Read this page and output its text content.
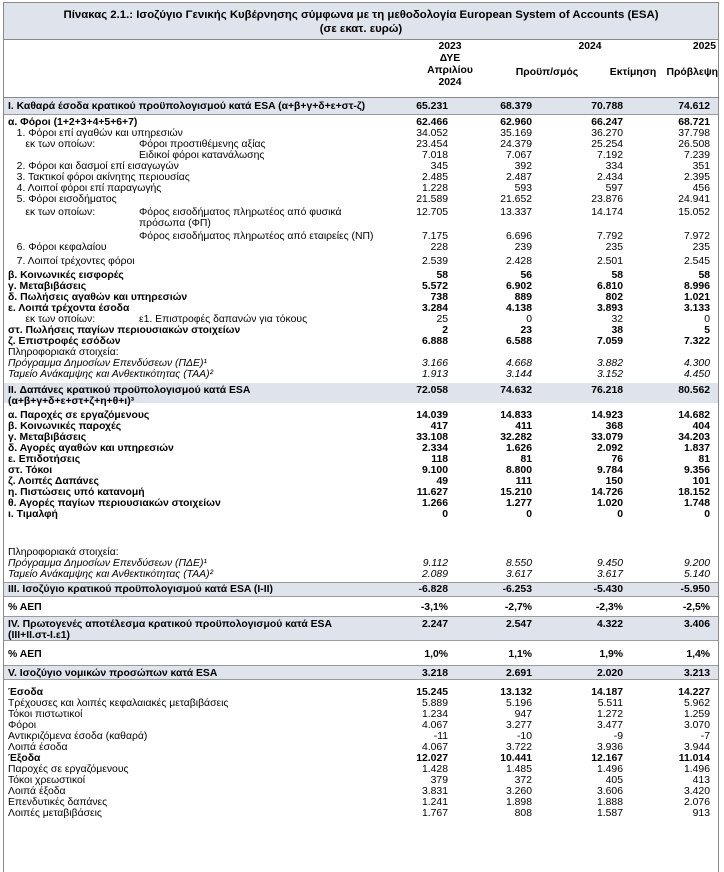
Πίνακας 2.1.: Ισοζύγιο Γενικής Κυβέρνησης σύμφωνα με τη μεθοδολογία European System of Accounts (ESA)
(σε εκατ. ευρώ)
2023
ΔΥΕ
Απριλίου
2024
2024
Προϋπ/σμός	Εκτίμηση
2025
Πρόβλεψη
I. Καθαρά έσοδα κρατικού προϋπολογισμού κατά ESA (α+β+γ+δ+ε+στ-ζ)	65.231	68.379	70.788	74.612
α. Φόροι (1+2+3+4+5+6+7)	62.466	62.960	66.247	68.721
1. Φόροι επί αγαθών και υπηρεσιών	34.052	35.169	36.270	37.798
εκ των οποίων:	Φόροι προστιθέμενης αξίας	23.454	24.379	25.254	26.508
Ειδικοί φόροι κατανάλωσης	7.018	7.067	7.192	7.239
2. Φόροι και δασμοί επί εισαγωγών	345	392	334	351
3. Τακτικοί φόροι ακίνητης περιουσίας	2.485	2.487	2.434	2.395
4. Λοιποί φόροι επί παραγωγής	1.228	593	597	456
5. Φόροι εισοδήματος	21.589	21.652	23.876	24.941
εκ των οποίων:	Φόρος εισοδήματος πληρωτέος από φυσικά	12.705	13.337	14.174	15.052
πρόσωπα (ΦΠ)
Φόρος εισοδήματος πληρωτέος από εταιρείες (ΝΠ)	7.175	6.696	7.792	7.972
6. Φόροι κεφαλαίου	228	239	235	235
7. Λοιποί τρέχοντες φόροι	2.539	2.428	2.501	2.545
β. Κοινωνικές εισφορές	58	56	58	58
γ. Μεταβιβάσεις	5.572	6.902	6.810	8.996
δ. Πωλήσεις αγαθών και υπηρεσιών	738	889	802	1.021
ε. Λοιπά τρέχοντα έσοδα	3.284	4.138	3.893	3.133
εκ των οποίων:	ε1. Επιστροφές δαπανών για τόκους	25	0	32	0
στ. Πωλήσεις παγίων περιουσιακών στοιχείων	2	23	38	5
ζ. Επιστροφές εσόδων	6.888	6.588	7.059	7.322
Πληροφοριακά στοιχεία:
Πρόγραμμα Δημοσίων Επενδύσεων (ΠΔΕ)¹	3.166	4.668	3.882	4.300
Ταμείο Ανάκαμψης και Ανθεκτικότητας (ΤΑΑ)²	1.913	3.144	3.152	4.450
II. Δαπάνες κρατικού προϋπολογισμού κατά ESA	72.058	74.632	76.218	80.562
(α+β+γ+δ+ε+στ+ζ+η+θ+ι)³
α. Παροχές σε εργαζόμενους	14.039	14.833	14.923	14.682
β. Κοινωνικές παροχές	417	411	368	404
γ. Μεταβιβάσεις	33.108	32.282	33.079	34.203
δ. Αγορές αγαθών και υπηρεσιών	2.334	1.626	2.092	1.837
ε. Επιδοτήσεις	118	81	76	81
στ. Τόκοι	9.100	8.800	9.784	9.356
ζ. Λοιπές Δαπάνες	49	111	150	101
η. Πιστώσεις υπό κατανομή	11.627	15.210	14.726	18.152
θ. Αγορές παγίων περιουσιακών στοιχείων	1.266	1.277	1.020	1.748
ι. Τιμαλφή	0	0	0	0
Πληροφοριακά στοιχεία:
Πρόγραμμα Δημοσίων Επενδύσεων (ΠΔΕ)¹	9.112	8.550	9.450	9.200
Ταμείο Ανάκαμψης και Ανθεκτικότητας (ΤΑΑ)²	2.089	3.617	3.617	5.140
III. Ισοζύγιο κρατικού προϋπολογισμού κατά ESA (I-II)	-6.828	-6.253	-5.430	-5.950
% ΑΕΠ	-3,1%	-2,7%	-2,3%	-2,5%
IV. Πρωτογενές αποτέλεσμα κρατικού προϋπολογισμού κατά ESA	2.247	2.547	4.322	3.406
(III+II.στ-I.ε1)
% ΑΕΠ	1,0%	1,1%	1,9%	1,4%
V. Ισοζύγιο νομικών προσώπων κατά ESA	3.218	2.691	2.020	3.213
Έσοδα	15.245	13.132	14.187	14.227
Τρέχουσες και λοιπές κεφαλαιακές μεταβιβάσεις	5.889	5.196	5.511	5.962
Τόκοι πιστωτικοί	1.234	947	1.272	1.259
Φόροι	4.067	3.277	3.477	3.070
Αντικριζόμενα έσοδα (καθαρά)	-11	-10	-9	-7
Λοιπά έσοδα	4.067	3.722	3.936	3.944
Έξοδα	12.027	10.441	12.167	11.014
Παροχές σε εργαζόμενους	1.428	1.485	1.496	1.496
Τόκοι χρεωστικοί	379	372	405	413
Λοιπά έξοδα	3.831	3.260	3.606	3.420
Επενδυτικές δαπάνες	1.241	1.898	1.888	2.076
Λοιπές μεταβιβάσεις	1.767	808	1.587	913
